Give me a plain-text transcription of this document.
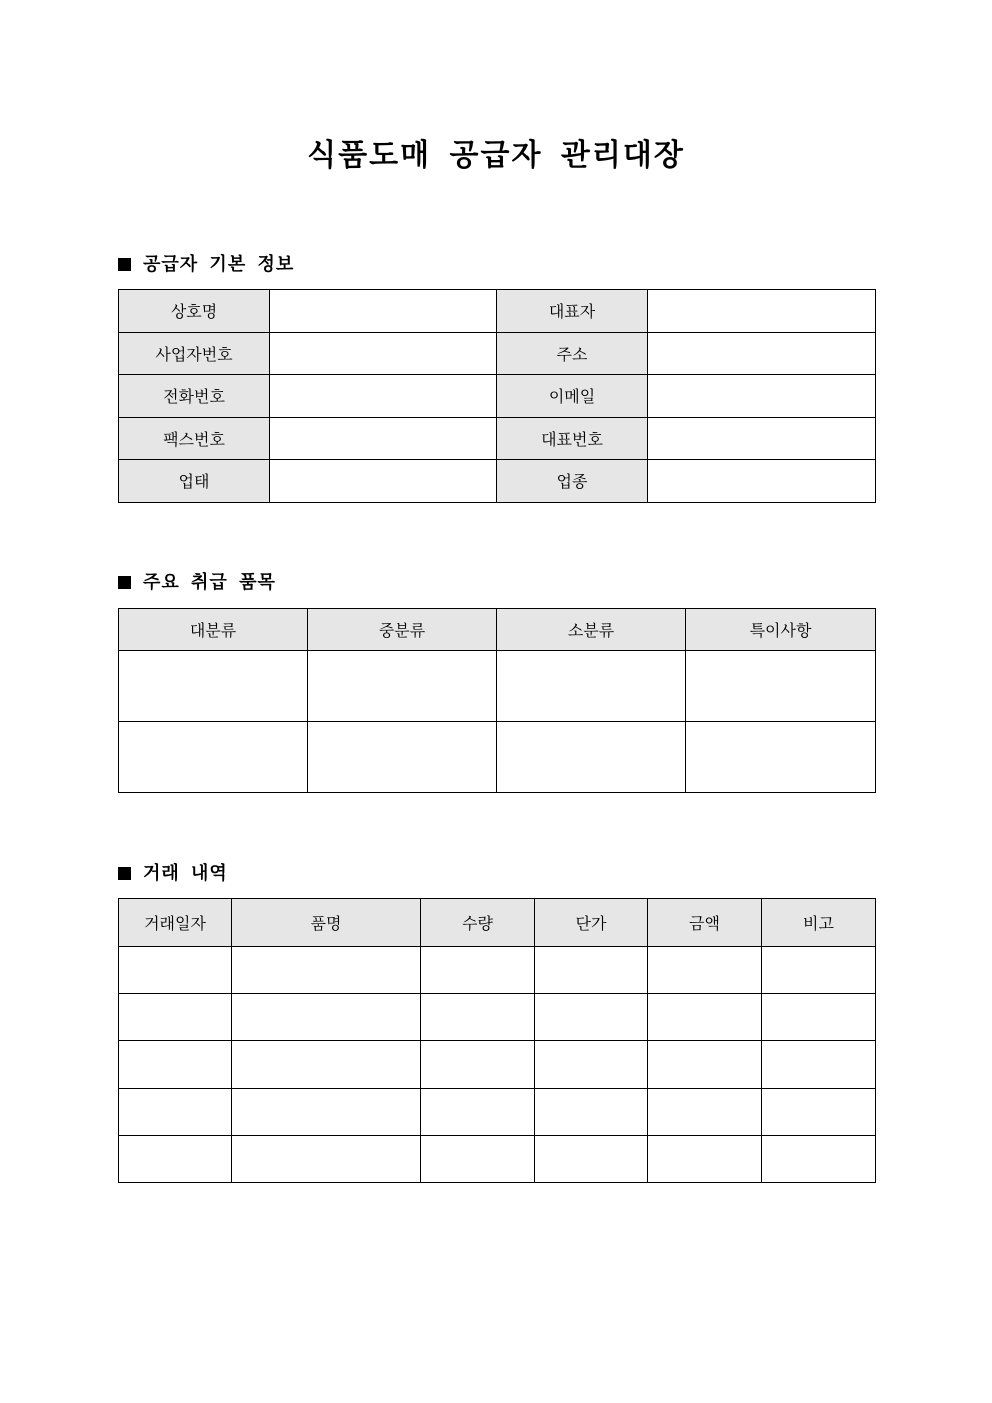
식품도매 공급자 관리대장
공급자 기본 정보
상호명		대표자	
사업자번호		주소	
전화번호		이메일	
팩스번호		대표번호	
업태		업종	
주요 취급 품목
대분류	중분류	소분류	특이사항

거래 내역
거래일자	품명	수량	단가	금액	비고
